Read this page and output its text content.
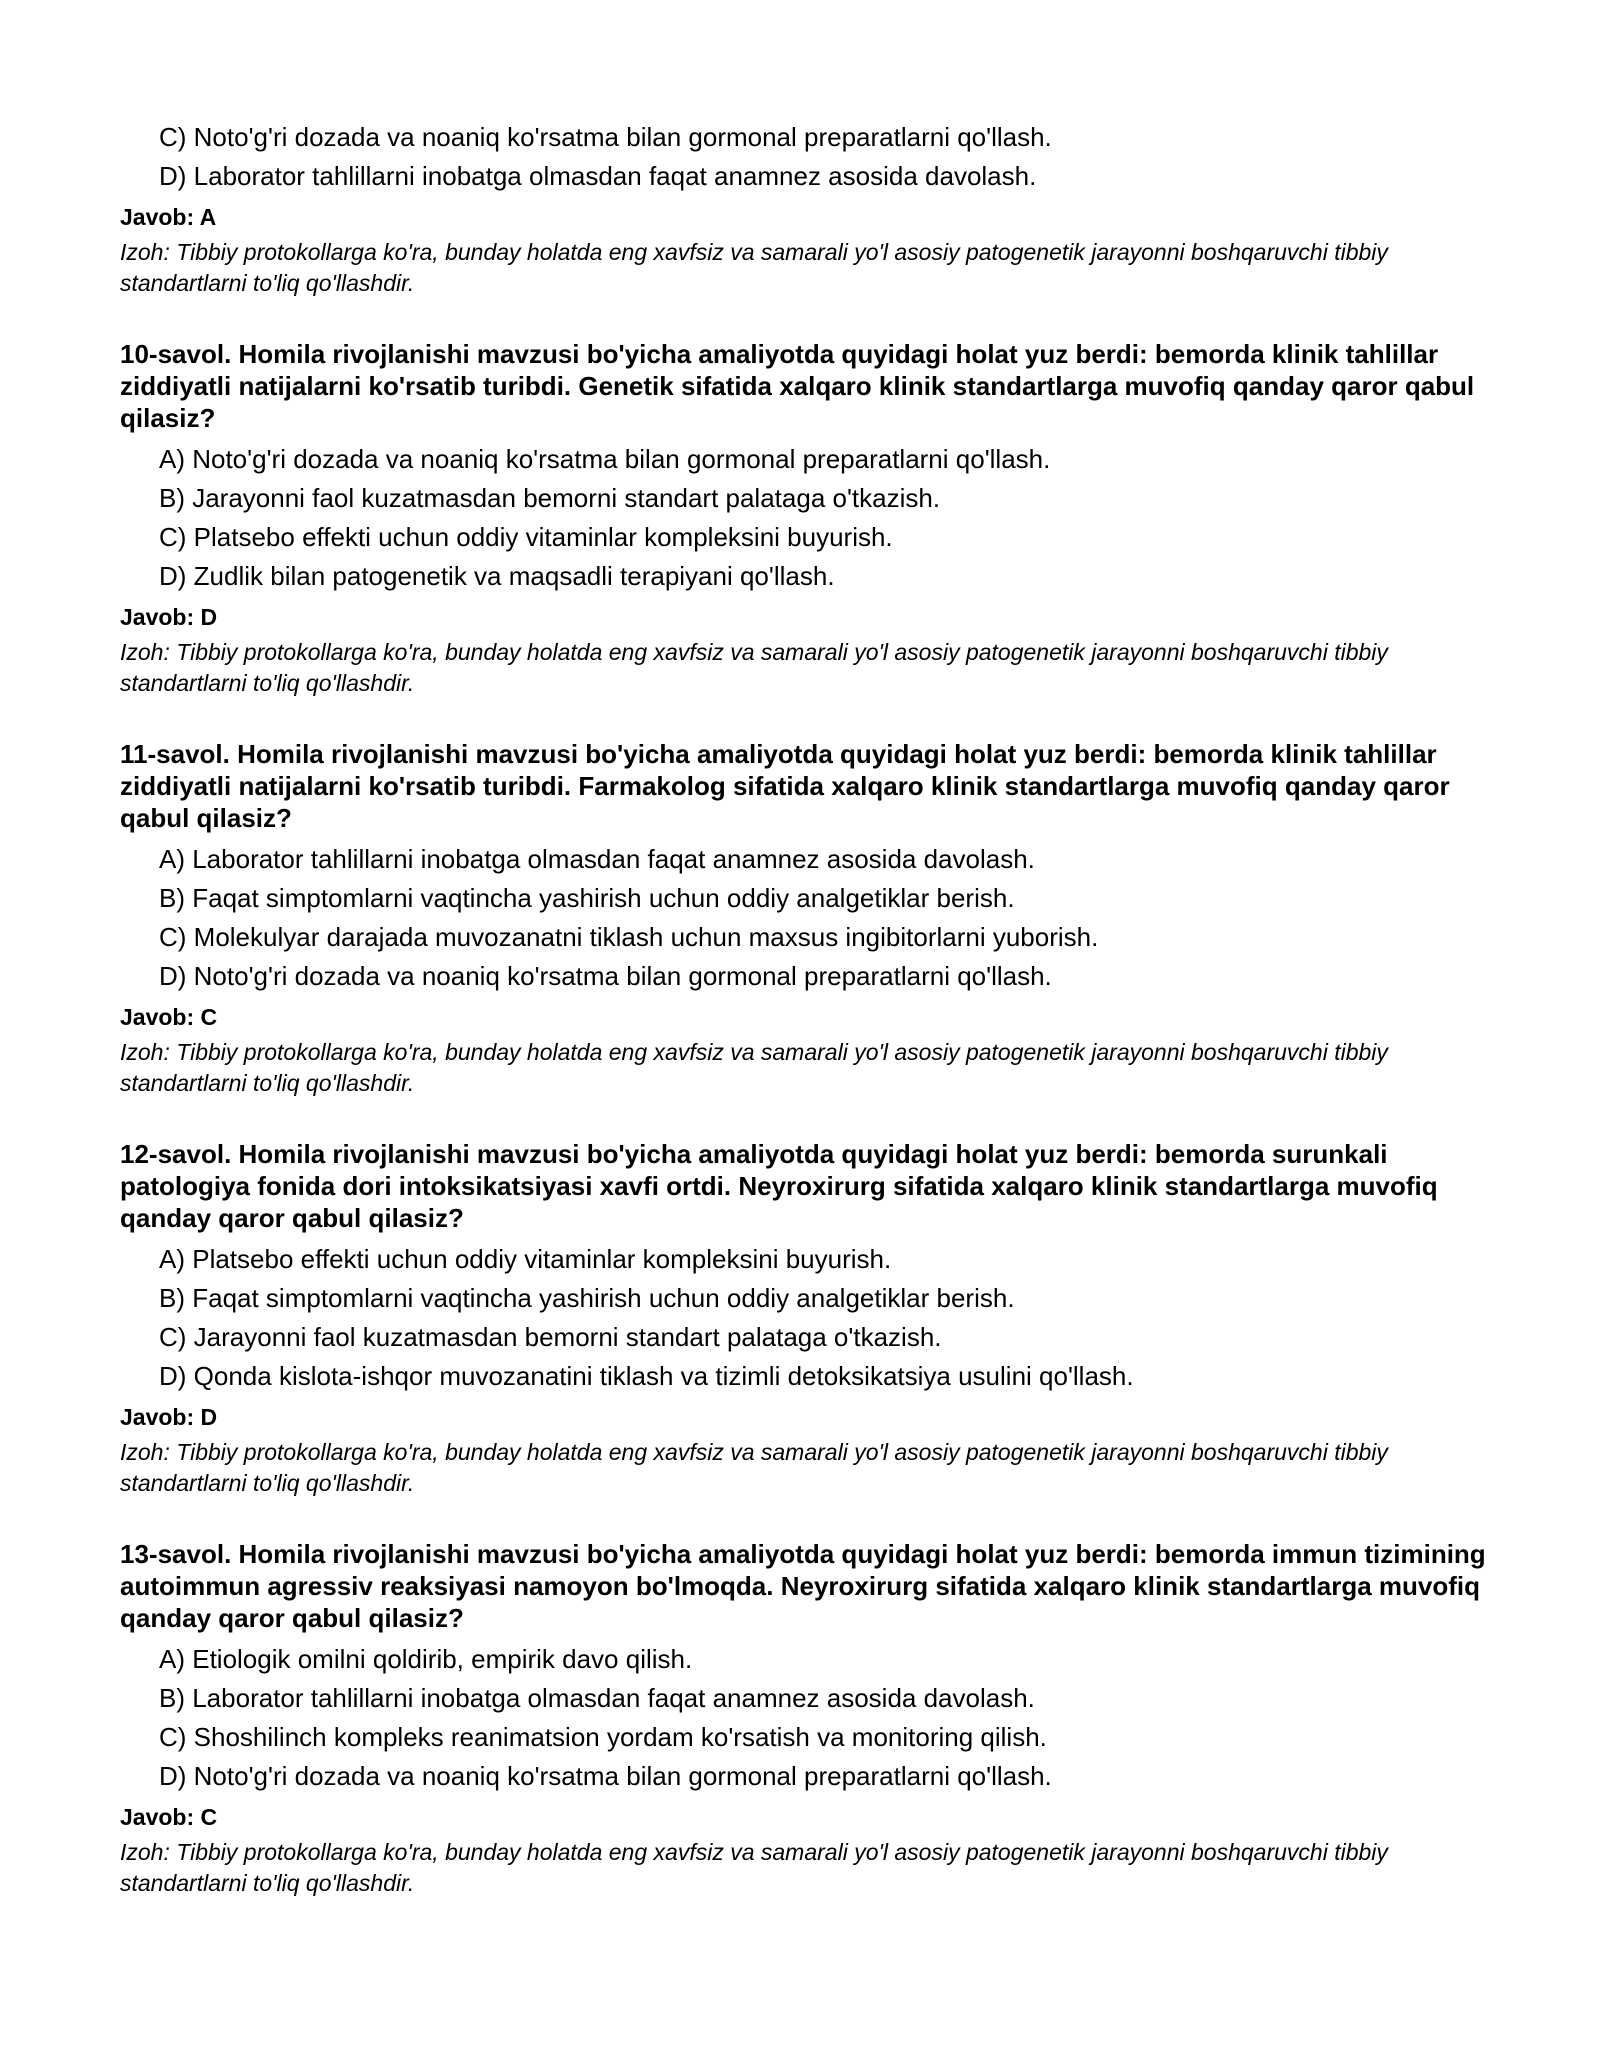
C) Noto'g'ri dozada va noaniq ko'rsatma bilan gormonal preparatlarni qo'llash.
D) Laborator tahlillarni inobatga olmasdan faqat anamnez asosida davolash.
Javob: A
Izoh: Tibbiy protokollarga ko'ra, bunday holatda eng xavfsiz va samarali yo'l asosiy patogenetik jarayonni boshqaruvchi tibbiy standartlarni to'liq qo'llashdir.
10-savol. Homila rivojlanishi mavzusi bo'yicha amaliyotda quyidagi holat yuz berdi: bemorda klinik tahlillar ziddiyatli natijalarni ko'rsatib turibdi. Genetik sifatida xalqaro klinik standartlarga muvofiq qanday qaror qabul qilasiz?
A) Noto'g'ri dozada va noaniq ko'rsatma bilan gormonal preparatlarni qo'llash.
B) Jarayonni faol kuzatmasdan bemorni standart palataga o'tkazish.
C) Platsebo effekti uchun oddiy vitaminlar kompleksini buyurish.
D) Zudlik bilan patogenetik va maqsadli terapiyani qo'llash.
Javob: D
Izoh: Tibbiy protokollarga ko'ra, bunday holatda eng xavfsiz va samarali yo'l asosiy patogenetik jarayonni boshqaruvchi tibbiy standartlarni to'liq qo'llashdir.
11-savol. Homila rivojlanishi mavzusi bo'yicha amaliyotda quyidagi holat yuz berdi: bemorda klinik tahlillar ziddiyatli natijalarni ko'rsatib turibdi. Farmakolog sifatida xalqaro klinik standartlarga muvofiq qanday qaror qabul qilasiz?
A) Laborator tahlillarni inobatga olmasdan faqat anamnez asosida davolash.
B) Faqat simptomlarni vaqtincha yashirish uchun oddiy analgetiklar berish.
C) Molekulyar darajada muvozanatni tiklash uchun maxsus ingibitorlarni yuborish.
D) Noto'g'ri dozada va noaniq ko'rsatma bilan gormonal preparatlarni qo'llash.
Javob: C
Izoh: Tibbiy protokollarga ko'ra, bunday holatda eng xavfsiz va samarali yo'l asosiy patogenetik jarayonni boshqaruvchi tibbiy standartlarni to'liq qo'llashdir.
12-savol. Homila rivojlanishi mavzusi bo'yicha amaliyotda quyidagi holat yuz berdi: bemorda surunkali patologiya fonida dori intoksikatsiyasi xavfi ortdi. Neyroxirurg sifatida xalqaro klinik standartlarga muvofiq qanday qaror qabul qilasiz?
A) Platsebo effekti uchun oddiy vitaminlar kompleksini buyurish.
B) Faqat simptomlarni vaqtincha yashirish uchun oddiy analgetiklar berish.
C) Jarayonni faol kuzatmasdan bemorni standart palataga o'tkazish.
D) Qonda kislota-ishqor muvozanatini tiklash va tizimli detoksikatsiya usulini qo'llash.
Javob: D
Izoh: Tibbiy protokollarga ko'ra, bunday holatda eng xavfsiz va samarali yo'l asosiy patogenetik jarayonni boshqaruvchi tibbiy standartlarni to'liq qo'llashdir.
13-savol. Homila rivojlanishi mavzusi bo'yicha amaliyotda quyidagi holat yuz berdi: bemorda immun tizimining autoimmun agressiv reaksiyasi namoyon bo'lmoqda. Neyroxirurg sifatida xalqaro klinik standartlarga muvofiq qanday qaror qabul qilasiz?
A) Etiologik omilni qoldirib, empirik davo qilish.
B) Laborator tahlillarni inobatga olmasdan faqat anamnez asosida davolash.
C) Shoshilinch kompleks reanimatsion yordam ko'rsatish va monitoring qilish.
D) Noto'g'ri dozada va noaniq ko'rsatma bilan gormonal preparatlarni qo'llash.
Javob: C
Izoh: Tibbiy protokollarga ko'ra, bunday holatda eng xavfsiz va samarali yo'l asosiy patogenetik jarayonni boshqaruvchi tibbiy standartlarni to'liq qo'llashdir.
